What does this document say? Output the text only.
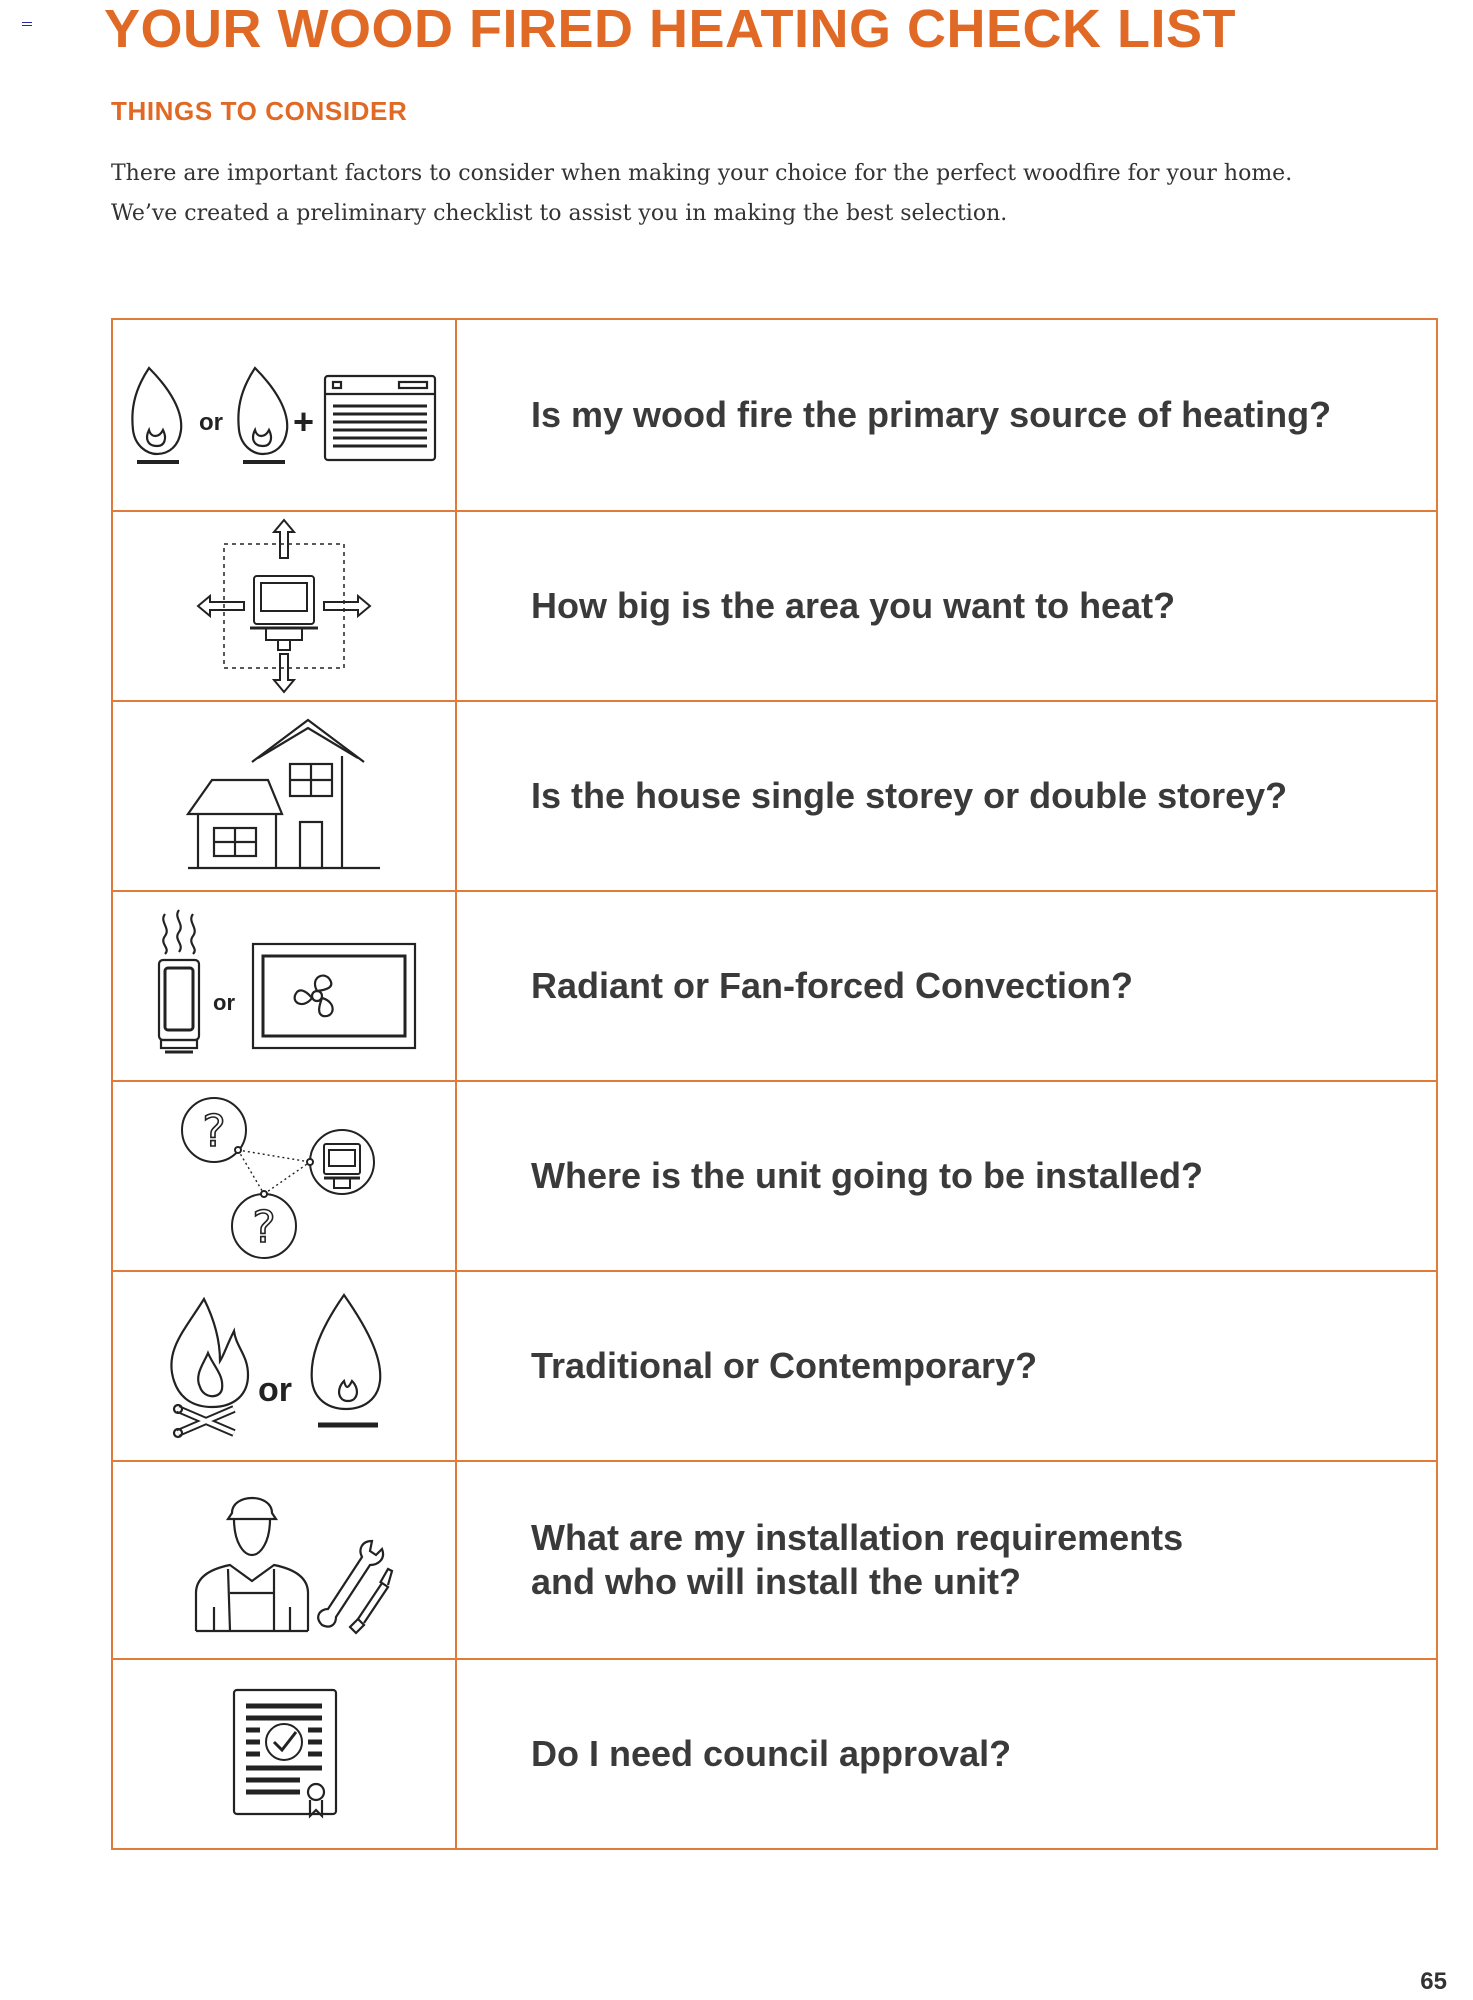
YOUR WOOD FIRED HEATING CHECK LIST
THINGS TO CONSIDER

There are important factors to consider when making your choice for the perfect woodfire for your home.

We’ve created a preliminary checklist to assist you in making the best selection.

or +	Is my wood fire the primary source of heating?
How big is the area you want to heat?
Is the house single storey or double storey?
or	Radiant or Fan-forced Convection?
?
?
Where is the unit going to be installed?
or
Traditional or Contemporary?
What are my installation requirements
and who will install the unit?
Do I need council approval?
65
